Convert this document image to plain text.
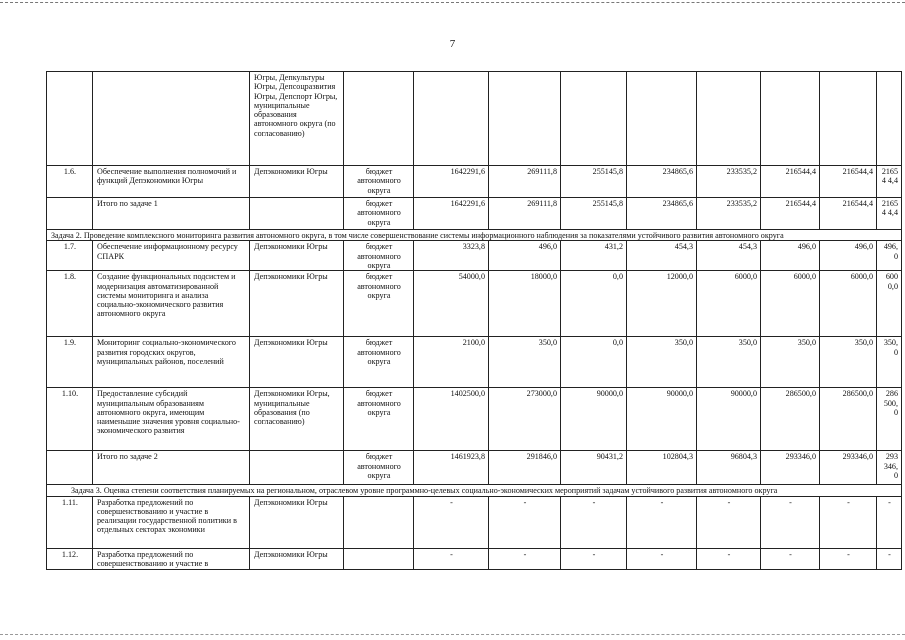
7
		Югры, Депкультуры Югры, Депсоцразвития Югры, Депспорт Югры, муниципальные образования автономного округа (по согласованию)									
1.6.	Обеспечение выполнения полномочий и функций Депэкономики Югры	Депэкономики Югры	бюджет автономного округа	1642291,6	269111,8	255145,8	234865,6	233535,2	216544,4	216544,4	21654 4,4
	Итого по задаче 1		бюджет автономного округа	1642291,6	269111,8	255145,8	234865,6	233535,2	216544,4	216544,4	21654 4,4
Задача 2. Проведение комплексного мониторинга развития автономного округа, в том числе совершенствование системы информационного наблюдения за показателями устойчивого развития автономного округа											
1.7.	Обеспечение информационному ресурсу СПАРК	Депэкономики Югры	бюджет автономного округа	3323,8	496,0	431,2	454,3	454,3	496,0	496,0	496, 0
1.8.	Создание функциональных подсистем и модернизация автоматизированной системы мониторинга и анализа социально-экономического развития автономного округа	Депэкономики Югры	бюджет автономного округа	54000,0	18000,0	0,0	12000,0	6000,0	6000,0	6000,0	600 0,0
1.9.	Мониторинг социально-экономического развития городских округов, муниципальных районов, поселений	Депэкономики Югры	бюджет автономного округа	2100,0	350,0	0,0	350,0	350,0	350,0	350,0	350, 0
1.10.	Предоставление субсидий муниципальным образованиям автономного округа, имеющим наименьшие значения уровня социально-экономического развития	Депэкономики Югры, муниципальные образования (по согласованию)	бюджет автономного округа	1402500,0	273000,0	90000,0	90000,0	90000,0	286500,0	286500,0	286 500, 0
	Итого по задаче 2		бюджет автономного округа	1461923,8	291846,0	90431,2	102804,3	96804,3	293346,0	293346,0	293 346, 0
Задача 3. Оценка степени соответствия планируемых на региональном, отраслевом уровне программно-целевых социально-экономических мероприятий задачам устойчивого развития автономного округа											
1.11.	Разработка предложений по совершенствованию и участие в реализации государственной политики в отдельных секторах экономики	Депэкономики Югры		-	-	-	-	-	-	-	-
1.12.	Разработка предложений по совершенствованию и участие в	Депэкономики Югры		-	-	-	-	-	-	-	-
